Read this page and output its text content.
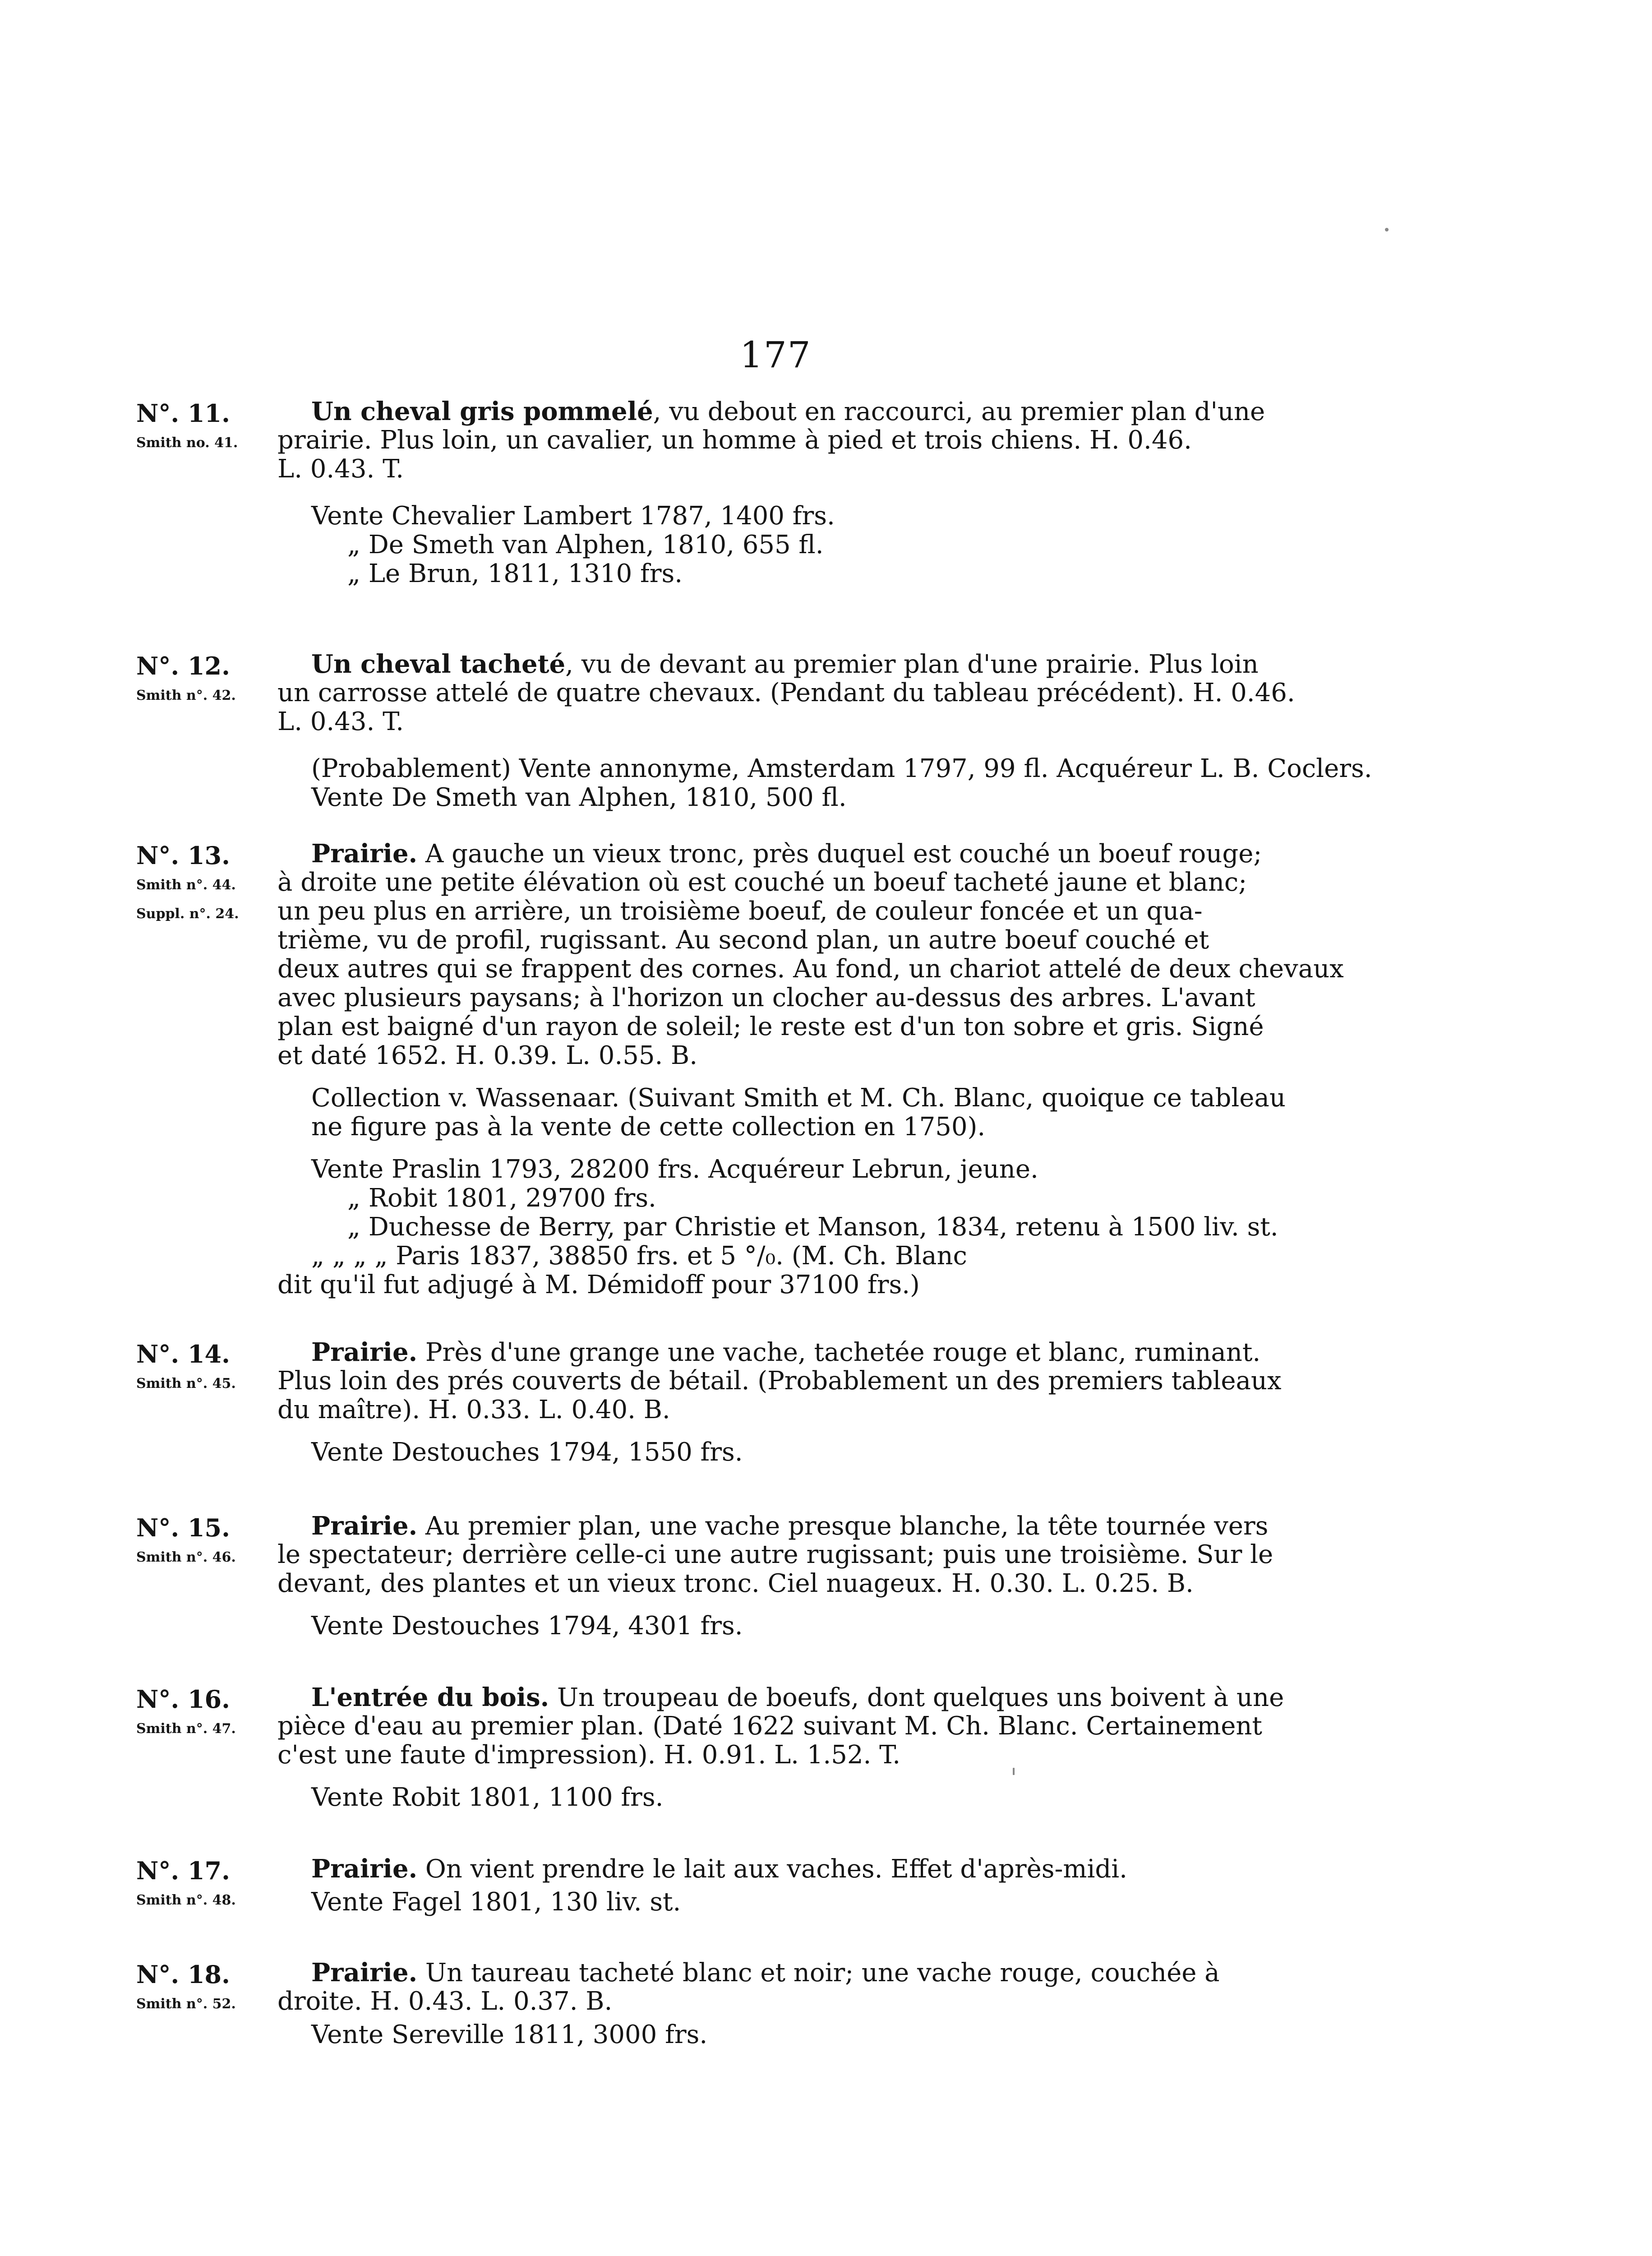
177
N°. 11.
Smith no. 41.
Un cheval gris pommelé, vu debout en raccourci, au premier plan d'une
prairie. Plus loin, un cavalier, un homme à pied et trois chiens. H. 0.46.
L. 0.43. T.
Vente Chevalier Lambert 1787, 1400 frs.
„ De Smeth van Alphen, 1810, 655 fl.
„ Le Brun, 1811, 1310 frs.
N°. 12.
Smith n°. 42.
Un cheval tacheté, vu de devant au premier plan d'une prairie. Plus loin
un carrosse attelé de quatre chevaux. (Pendant du tableau précédent). H. 0.46.
L. 0.43. T.
(Probablement) Vente annonyme, Amsterdam 1797, 99 fl. Acquéreur L. B. Coclers.
Vente De Smeth van Alphen, 1810, 500 fl.
N°. 13.
Smith n°. 44.
Suppl. n°. 24.
Prairie. A gauche un vieux tronc, près duquel est couché un boeuf rouge;
à droite une petite élévation où est couché un boeuf tacheté jaune et blanc;
un peu plus en arrière, un troisième boeuf, de couleur foncée et un qua-
trième, vu de profil, rugissant. Au second plan, un autre boeuf couché et
deux autres qui se frappent des cornes. Au fond, un chariot attelé de deux chevaux
avec plusieurs paysans; à l'horizon un clocher au-dessus des arbres. L'avant
plan est baigné d'un rayon de soleil; le reste est d'un ton sobre et gris. Signé
et daté 1652. H. 0.39. L. 0.55. B.
Collection v. Wassenaar. (Suivant Smith et M. Ch. Blanc, quoique ce tableau
ne figure pas à la vente de cette collection en 1750).
Vente Praslin 1793, 28200 frs. Acquéreur Lebrun, jeune.
„ Robit 1801, 29700 frs.
„ Duchesse de Berry, par Christie et Manson, 1834, retenu à 1500 liv. st.
„ „ „ „ Paris 1837, 38850 frs. et 5 °/₀. (M. Ch. Blanc
dit qu'il fut adjugé à M. Démidoff pour 37100 frs.)
N°. 14.
Smith n°. 45.
Prairie. Près d'une grange une vache, tachetée rouge et blanc, ruminant.
Plus loin des prés couverts de bétail. (Probablement un des premiers tableaux
du maître). H. 0.33. L. 0.40. B.
Vente Destouches 1794, 1550 frs.
N°. 15.
Smith n°. 46.
Prairie. Au premier plan, une vache presque blanche, la tête tournée vers
le spectateur; derrière celle-ci une autre rugissant; puis une troisième. Sur le
devant, des plantes et un vieux tronc. Ciel nuageux. H. 0.30. L. 0.25. B.
Vente Destouches 1794, 4301 frs.
N°. 16.
Smith n°. 47.
L'entrée du bois. Un troupeau de boeufs, dont quelques uns boivent à une
pièce d'eau au premier plan. (Daté 1622 suivant M. Ch. Blanc. Certainement
c'est une faute d'impression). H. 0.91. L. 1.52. T.
Vente Robit 1801, 1100 frs.
N°. 17.
Smith n°. 48.
Prairie. On vient prendre le lait aux vaches. Effet d'après-midi.
Vente Fagel 1801, 130 liv. st.
N°. 18.
Smith n°. 52.
Prairie. Un taureau tacheté blanc et noir; une vache rouge, couchée à
droite. H. 0.43. L. 0.37. B.
Vente Sereville 1811, 3000 frs.
